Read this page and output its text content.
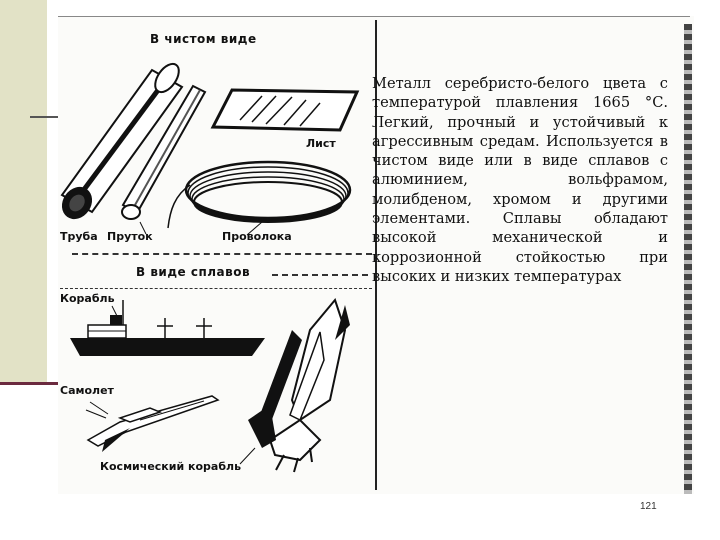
В чистом виде
В виде сплавов
Труба Пруток
Лист
Проволока
Корабль
Самолет
Космический корабль

Металл серебристо-белого цвета с температурой плавления 1665 °С. Легкий, прочный и устойчивый к агрессивным средам. Используется в чистом виде или в виде сплавов с алюминием, вольфрамом, молибденом, хромом и другими элементами. Сплавы обладают высокой механической и коррозионной стойкостью при высоких и низких температурах

121
